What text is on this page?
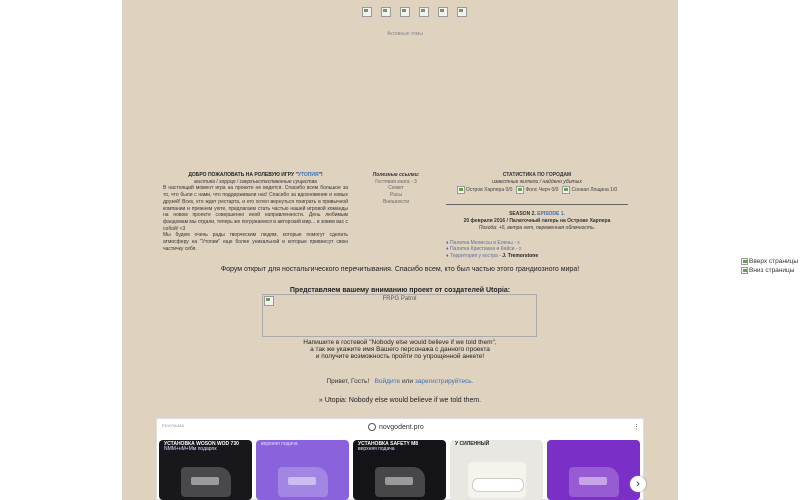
Активные темы
ДОБРО ПОЖАЛОВАТЬ НА РОЛЕВУЮ ИГРУ "УТОПИЯ"!
мистика / хоррор / сверхъестественные существа

В настоящий момент игра на проекте не ведется. Спасибо всем большое за то, что были с нами, что поддерживали нас! Спасибо за вдохновение и новых друзей! Всех, кто ждет рестарта, и кто хотел вернуться поиграть в привычной компании и прежнем уюте, предлагаем стать частью нашей игровой команды на новом проекте совершенно иной направленности. День любимым фандомам мы отдали, теперь же погружаемся в авторский мир... и зовем вас с собой! <3

Мы будем очень рады творческим людям, которые помогут сделать атмосферу на "Утопии" еще более уникальной и которые привнесут свою частичку себя.

Полезные ссылки:
Гостевая книга - 3
Сюжет
Расы
Внешности
СТАТИСТИКА ПО ГОРОДАМ
известные жители / найдено убитых
Остров Харпера 0/0	Фолс Черч 0/0	Сонная Лощина 1/0
SEASON 2. EPISODE 1.
20 февраля 2016 / Палаточный лагерь на Острове Харпера
Погода: +5, ветра нет, переменная облачность.
♦ Палатка Мелиссы и Елены - х
♦ Палатка Кристиана и Кейси - х
♦ Территория у костра - J. Tremorstone
Вверх страницы
Вниз страницы
Форум открыт для ностальгического перечитывания. Спасибо всем, кто был частью этого грандиозного мира!
Представляем вашему вниманию проект от создателей Utopia:
FRPG Patrol
Напишите в гостевой "Nobody else would believe if we told them",
а так же укажите имя Вашего персонажа с данного проекта
и получите возможность пройти по упрощенной анкете!
Привет, Гость! Войдите или зарегистрируйтесь.
» Utopia: Nobody else would believe if we told them.
РЕКЛАМА	novgodent.pro	⋮
УСТАНОВКА WOSON WOD 730
NMM+нМ+Мм подарок
верхняя подача	УСТАНОВКА SAFETY M8
верхняя подача
У СИЛЕННЫЙ
›
